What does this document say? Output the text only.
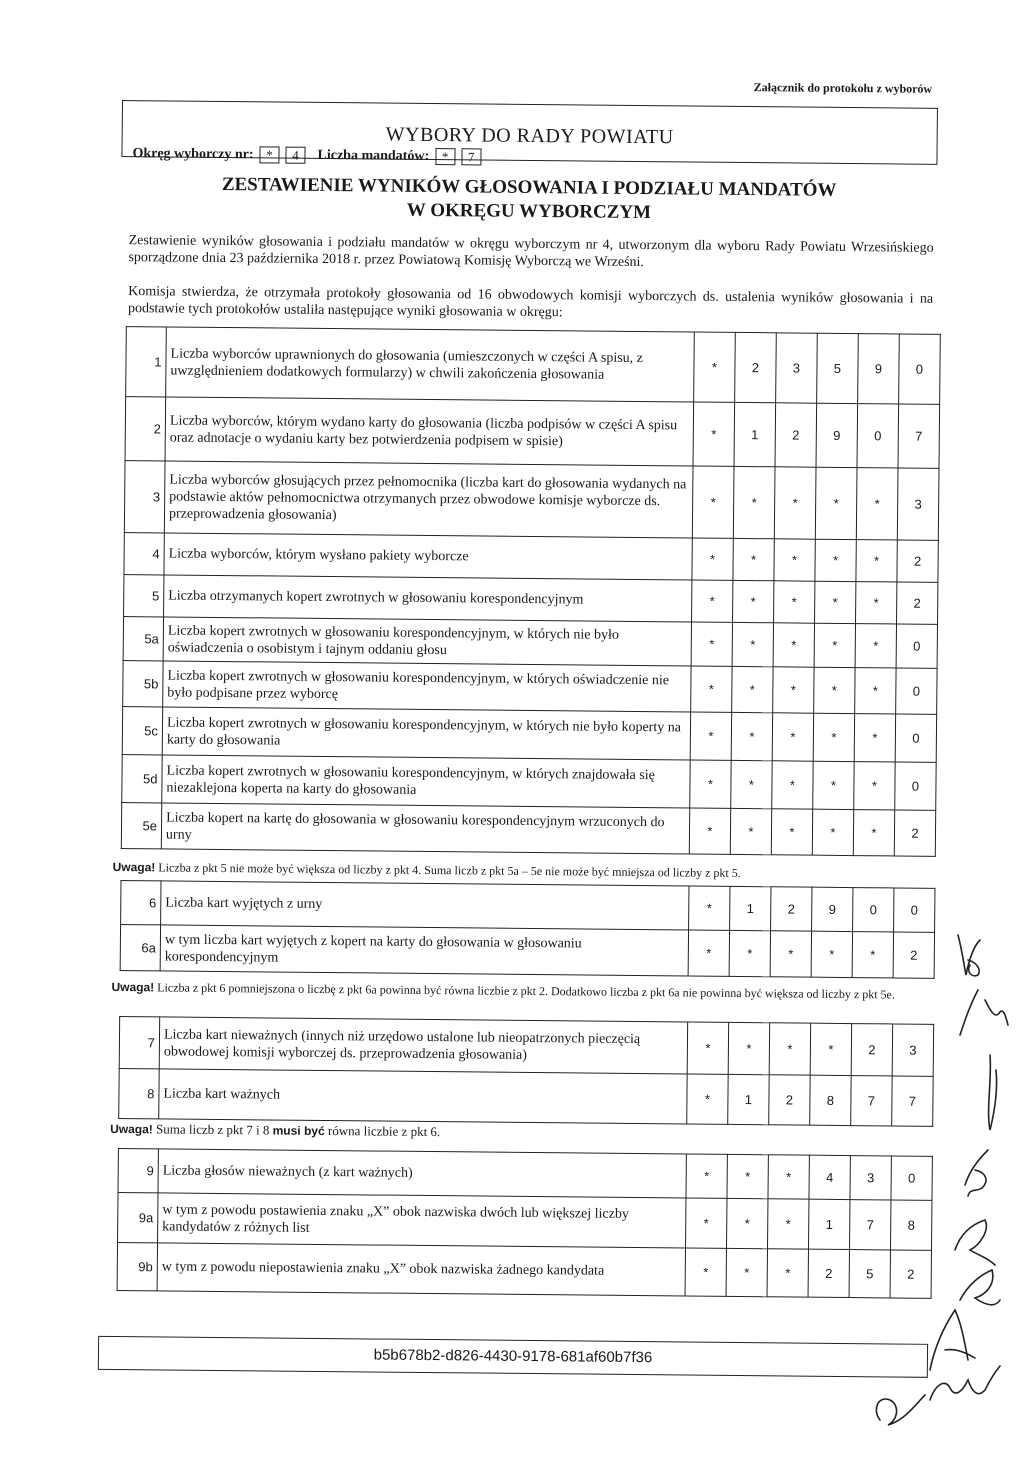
Załącznik do protokołu z wyborów
WYBORY DO RADY POWIATU
Okręg wyborczy nr: *	4	Liczba mandatów: *	7
ZESTAWIENIE WYNIKÓW GŁOSOWANIA I PODZIAŁU MANDATÓW
W OKRĘGU WYBORCZYM
Zestawienie wyników głosowania i podziału mandatów w okręgu wyborczym nr 4, utworzonym dla wyboru Rady Powiatu Wrzesińskiego sporządzone dnia 23 października 2018 r. przez Powiatową Komisję Wyborczą we Wrześni.
Komisja stwierdza, że otrzymała protokoły głosowania od 16 obwodowych komisji wyborczych ds. ustalenia wyników głosowania i na podstawie tych protokołów ustaliła następujące wyniki głosowania w okręgu:
1	Liczba wyborców uprawnionych do głosowania (umieszczonych w części A spisu, z uwzględnieniem dodatkowych formularzy) w chwili zakończenia głosowania	*	2	3	5	9	0
2	Liczba wyborców, którym wydano karty do głosowania (liczba podpisów w części A spisu oraz adnotacje o wydaniu karty bez potwierdzenia podpisem w spisie)	*	1	2	9	0	7
3	Liczba wyborców głosujących przez pełnomocnika (liczba kart do głosowania wydanych na podstawie aktów pełnomocnictwa otrzymanych przez obwodowe komisje wyborcze ds. przeprowadzenia głosowania)	*	*	*	*	*	3
4	Liczba wyborców, którym wysłano pakiety wyborcze	*	*	*	*	*	2
5	Liczba otrzymanych kopert zwrotnych w głosowaniu korespondencyjnym	*	*	*	*	*	2
5a	Liczba kopert zwrotnych w głosowaniu korespondencyjnym, w których nie było oświadczenia o osobistym i tajnym oddaniu głosu	*	*	*	*	*	0
5b	Liczba kopert zwrotnych w głosowaniu korespondencyjnym, w których oświadczenie nie było podpisane przez wyborcę	*	*	*	*	*	0
5c	Liczba kopert zwrotnych w głosowaniu korespondencyjnym, w których nie było koperty na karty do głosowania	*	*	*	*	*	0
5d	Liczba kopert zwrotnych w głosowaniu korespondencyjnym, w których znajdowała się niezaklejona koperta na karty do głosowania	*	*	*	*	*	0
5e	Liczba kopert na kartę do głosowania w głosowaniu korespondencyjnym wrzuconych do urny	*	*	*	*	*	2
Uwaga! Liczba z pkt 5 nie może być większa od liczby z pkt 4. Suma liczb z pkt 5a – 5e nie może być mniejsza od liczby z pkt 5.
6	Liczba kart wyjętych z urny	*	1	2	9	0	0
6a	w tym liczba kart wyjętych z kopert na karty do głosowania w głosowaniu korespondencyjnym	*	*	*	*	*	2
Uwaga! Liczba z pkt 6 pomniejszona o liczbę z pkt 6a powinna być równa liczbie z pkt 2. Dodatkowo liczba z pkt 6a nie powinna być większa od liczby z pkt 5e.
7	Liczba kart nieważnych (innych niż urzędowo ustalone lub nieopatrzonych pieczęcią obwodowej komisji wyborczej ds. przeprowadzenia głosowania)	*	*	*	*	2	3
8	Liczba kart ważnych	*	1	2	8	7	7
Uwaga! Suma liczb z pkt 7 i 8 musi być równa liczbie z pkt 6.
9	Liczba głosów nieważnych (z kart ważnych)	*	*	*	4	3	0
9a	w tym z powodu postawienia znaku „X” obok nazwiska dwóch lub większej liczby kandydatów z różnych list	*	*	*	1	7	8
9b	w tym z powodu niepostawienia znaku „X” obok nazwiska żadnego kandydata	*	*	*	2	5	2
b5b678b2-d826-4430-9178-681af60b7f36
